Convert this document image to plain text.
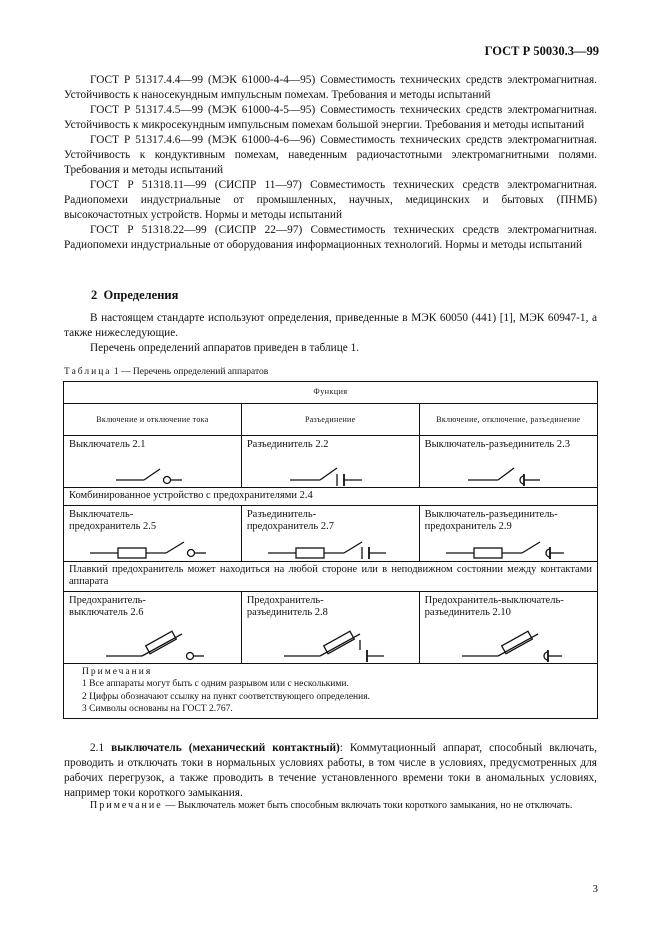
ГОСТ Р 50030.3—99

ГОСТ Р 51317.4.4—99 (МЭК 61000-4-4—95) Совместимость технических средств электромагнитная. Устойчивость к наносекундным импульсным помехам. Требования и методы испытаний

ГОСТ Р 51317.4.5—99 (МЭК 61000-4-5—95) Совместимость технических средств электромагнитная. Устойчивость к микросекундным импульсным помехам большой энергии. Требования и методы испытаний

ГОСТ Р 51317.4.6—99 (МЭК 61000-4-6—96) Совместимость технических средств электромагнитная. Устойчивость к кондуктивным помехам, наведенным радиочастотными электромагнитными полями. Требования и методы испытаний

ГОСТ Р 51318.11—99 (СИСПР 11—97) Совместимость технических средств электромагнитная. Радиопомехи индустриальные от промышленных, научных, медицинских и бытовых (ПНМБ) высокочастотных устройств. Нормы и методы испытаний

ГОСТ Р 51318.22—99 (СИСПР 22—97) Совместимость технических средств электромагнитная. Радиопомехи индустриальные от оборудования информационных технологий. Нормы и методы испытаний

2 Определения

В настоящем стандарте используют определения, приведенные в МЭК 60050 (441) [1], МЭК 60947-1, а также нижеследующие.

Перечень определений аппаратов приведен в таблице 1.

Таблица 1 — Перечень определений аппаратов
Функция		
Включение и отключение тока	Разъединение	Включение, отключение, разъединение

Выключатель 2.1	Разъединитель 2.2	Выключатель-разъединитель 2.3

Комбинированное устройство с предохранителями 2.4		

Выключатель-
предохранитель 2.5	Разъединитель-
предохранитель 2.7	Выключатель-разъединитель-
предохранитель 2.9

Плавкий предохранитель может находиться на любой стороне или в неподвижном состоянии между контактами аппарата		

Предохранитель-
выключатель 2.6	Предохранитель-
разъединитель 2.8	Предохранитель-выключатель-
разъединитель 2.10

Примечания
1 Все аппараты могут быть с одним разрывом или с несколькими.
2 Цифры обозначают ссылку на пункт соответствующего определения.
3 Символы основаны на ГОСТ 2.767.		

2.1 выключатель (механический контактный): Коммутационный аппарат, способный включать, проводить и отключать токи в нормальных условиях работы, в том числе в условиях, предусмотренных для рабочих перегрузок, а также проводить в течение установленного времени токи в аномальных условиях, например токи короткого замыкания.

Примечание — Выключатель может быть способным включать токи короткого замыкания, но не отключать.

3
